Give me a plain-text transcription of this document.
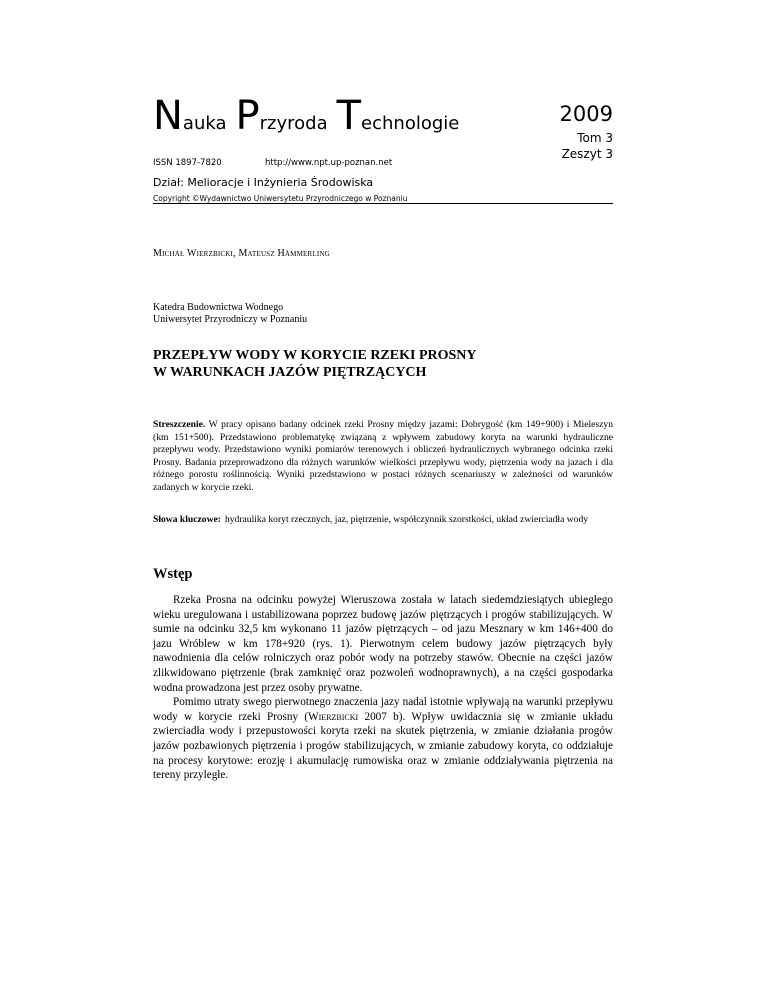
Nauka Przyroda Technologie
ISSN 1897-7820	http://www.npt.up-poznan.net
Dział: Melioracje i Inżynieria Środowiska
Copyright ©Wydawnictwo Uniwersytetu Przyrodniczego w Poznaniu
2009
Tom 3
Zeszyt 3
Michał Wierzbicki, Mateusz Hämmerling
Katedra Budownictwa Wodnego
Uniwersytet Przyrodniczy w Poznaniu
PRZEPŁYW WODY W KORYCIE RZEKI PROSNY
W WARUNKACH JAZÓW PIĘTRZĄCYCH
Streszczenie. W pracy opisano badany odcinek rzeki Prosny między jazami: Dobrygość (km 149+900) i Mieleszyn (km 151+500). Przedstawiono problematykę związaną z wpływem zabudowy koryta na warunki hydrauliczne przepływu wody. Przedstawiono wyniki pomiarów terenowych i obliczeń hydraulicznych wybranego odcinka rzeki Prosny. Badania przeprowadzono dla różnych warunków wielkości przepływu wody, piętrzenia wody na jazach i dla różnego porostu roślinnością. Wyniki przedstawiono w postaci różnych scenariuszy w zależności od warunków zadanych w korycie rzeki.
Słowa kluczowe: hydraulika koryt rzecznych, jaz, piętrzenie, współczynnik szorstkości, układ zwierciadła wody
Wstęp

Rzeka Prosna na odcinku powyżej Wieruszowa została w latach siedemdziesiątych ubiegłego wieku uregulowana i ustabilizowana poprzez budowę jazów piętrzących i progów stabilizujących. W sumie na odcinku 32,5 km wykonano 11 jazów piętrzących – od jazu Mesznary w km 146+400 do jazu Wróblew w km 178+920 (rys. 1). Pierwotnym celem budowy jazów piętrzących były nawodnienia dla celów rolniczych oraz pobór wody na potrzeby stawów. Obecnie na części jazów zlikwidowano piętrzenie (brak zamknięć oraz pozwoleń wodnoprawnych), a na części gospodarka wodna prowadzona jest przez osoby prywatne.

Pomimo utraty swego pierwotnego znaczenia jazy nadal istotnie wpływają na warunki przepływu wody w korycie rzeki Prosny (Wierzbicki 2007 b). Wpływ uwidacznia się w zmianie układu zwierciadła wody i przepustowości koryta rzeki na skutek piętrzenia, w zmianie działania progów jazów pozbawionych piętrzenia i progów stabilizujących, w zmianie zabudowy koryta, co oddziałuje na procesy korytowe: erozję i akumulację rumowiska oraz w zmianie oddziaływania piętrzenia na tereny przyległe.
